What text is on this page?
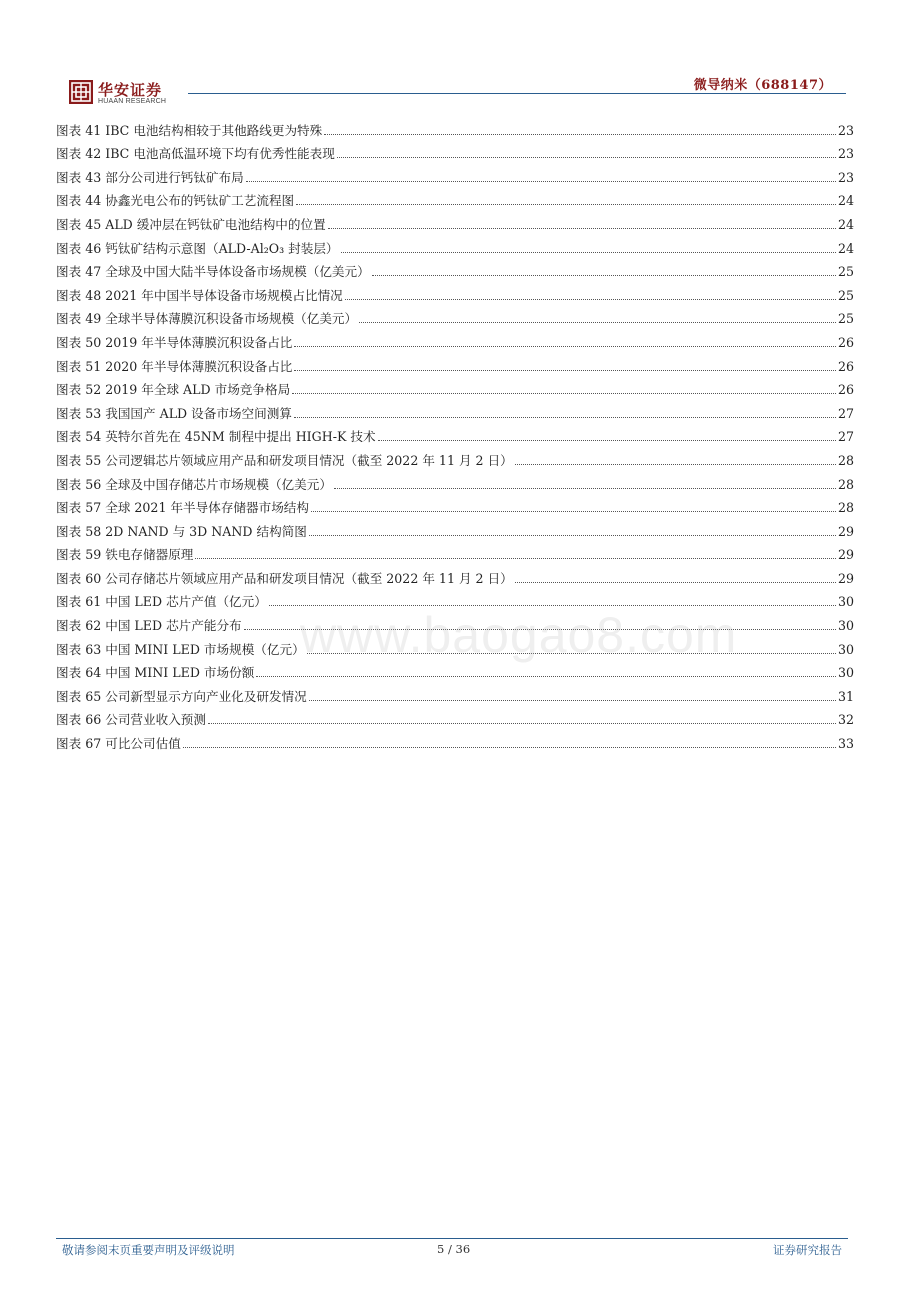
华安证券
HUAAN RESEARCH
微导纳米（688147）
图表 41 IBC 电池结构相较于其他路线更为特殊	23
图表 42 IBC 电池高低温环境下均有优秀性能表现	23
图表 43 部分公司进行钙钛矿布局	23
图表 44 协鑫光电公布的钙钛矿工艺流程图	24
图表 45 ALD 缓冲层在钙钛矿电池结构中的位置	24
图表 46 钙钛矿结构示意图（ALD-Al₂O₃ 封装层）	24
图表 47 全球及中国大陆半导体设备市场规模（亿美元）	25
图表 48 2021 年中国半导体设备市场规模占比情况	25
图表 49 全球半导体薄膜沉积设备市场规模（亿美元）	25
图表 50 2019 年半导体薄膜沉积设备占比	26
图表 51 2020 年半导体薄膜沉积设备占比	26
图表 52 2019 年全球 ALD 市场竞争格局	26
图表 53 我国国产 ALD 设备市场空间测算	27
图表 54 英特尔首先在 45NM 制程中提出 HIGH-K 技术	27
图表 55 公司逻辑芯片领域应用产品和研发项目情况（截至 2022 年 11 月 2 日）	28
图表 56 全球及中国存储芯片市场规模（亿美元）	28
图表 57 全球 2021 年半导体存储器市场结构	28
图表 58 2D NAND 与 3D NAND 结构简图	29
图表 59 铁电存储器原理	29
图表 60 公司存储芯片领域应用产品和研发项目情况（截至 2022 年 11 月 2 日）	29
图表 61 中国 LED 芯片产值（亿元）	30
图表 62 中国 LED 芯片产能分布	30
图表 63 中国 MINI LED 市场规模（亿元）	30
图表 64 中国 MINI LED 市场份额	30
图表 65 公司新型显示方向产业化及研发情况	31
图表 66 公司营业收入预测	32
图表 67 可比公司估值	33
www.baogao8.com
敬请参阅末页重要声明及评级说明	5 / 36	证券研究报告
